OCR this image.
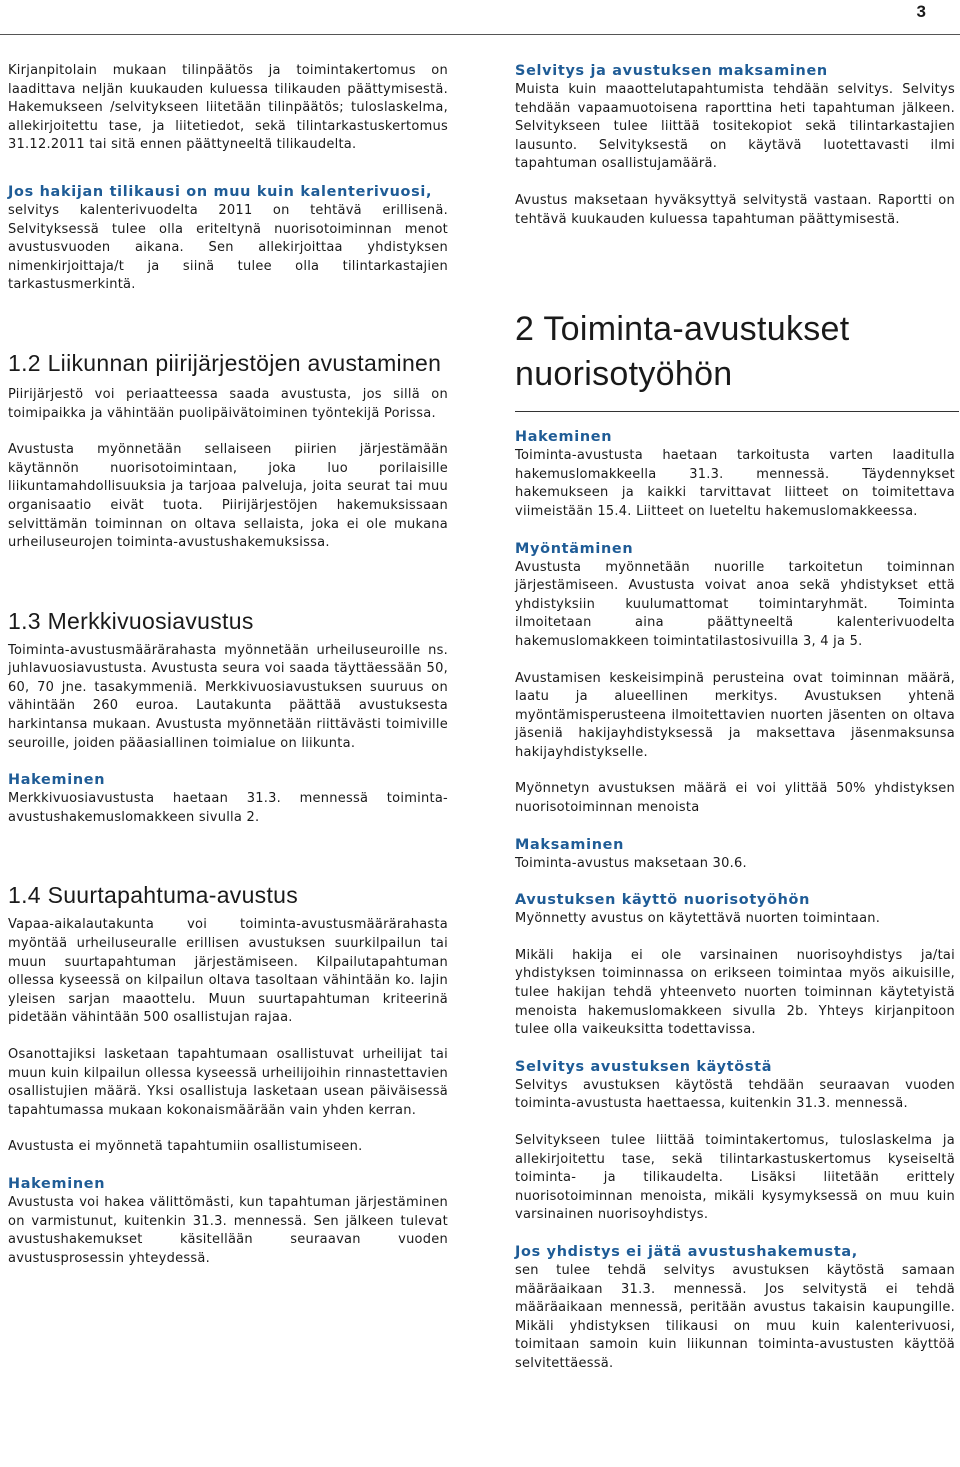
3

Kirjanpitolain mukaan tilinpäätös ja toimintakertomus on laadittava neljän kuukauden kuluessa tilikauden päättymisestä. Hakemukseen /selvitykseen liitetään tilinpäätös; tuloslaskelma, allekirjoitettu tase, ja liitetiedot, sekä tilintarkastuskertomus 31.12.2011 tai sitä ennen päättyneeltä tilikaudelta.

Jos hakijan tilikausi on muu kuin kalenterivuosi,

selvitys kalenterivuodelta 2011 on tehtävä erillisenä. Selvityksessä tulee olla eriteltynä nuorisotoiminnan menot avustusvuoden aikana. Sen allekirjoittaa yhdistyksen nimenkirjoittaja/t ja siinä tulee olla tilintarkastajien tarkastusmerkintä.

1.2 Liikunnan piirijärjestöjen avustaminen

Piirijärjestö voi periaatteessa saada avustusta, jos sillä on toimipaikka ja vähintään puolipäivätoiminen työntekijä Porissa.

Avustusta myönnetään sellaiseen piirien järjestämään käytännön nuorisotoimintaan, joka luo porilaisille liikuntamahdollisuuksia ja tarjoaa palveluja, joita seurat tai muu organisaatio eivät tuota. Piirijärjestöjen hakemuksissaan selvittämän toiminnan on oltava sellaista, joka ei ole mukana urheiluseurojen toiminta-avustushakemuksissa.

1.3 Merkkivuosiavustus

Toiminta-avustusmäärärahasta myönnetään urheiluseuroille ns. juhlavuosiavustusta. Avustusta seura voi saada täyttäessään 50, 60, 70 jne. tasakymmeniä. Merkkivuosiavustuksen suuruus on vähintään 260 euroa. Lautakunta päättää avustuksesta harkintansa mukaan. Avustusta myönnetään riittävästi toimiville seuroille, joiden pääasiallinen toimialue on liikunta.

Hakeminen

Merkkivuosiavustusta haetaan 31.3. mennessä toiminta-avustushakemuslomakkeen sivulla 2.

1.4 Suurtapahtuma-avustus

Vapaa-aikalautakunta voi toiminta-avustusmäärärahasta myöntää urheiluseuralle erillisen avustuksen suurkilpailun tai muun suurtapahtuman järjestämiseen. Kilpailutapahtuman ollessa kyseessä on kilpailun oltava tasoltaan vähintään ko. lajin yleisen sarjan maaottelu. Muun suurtapahtuman kriteerinä pidetään vähintään 500 osallistujan rajaa.

Osanottajiksi lasketaan tapahtumaan osallistuvat urheilijat tai muun kuin kilpailun ollessa kyseessä urheilijoihin rinnastettavien osallistujien määrä. Yksi osallistuja lasketaan usean päiväisessä tapahtumassa mukaan kokonaismäärään vain yhden kerran.

Avustusta ei myönnetä tapahtumiin osallistumiseen.

Hakeminen

Avustusta voi hakea välittömästi, kun tapahtuman järjestäminen on varmistunut, kuitenkin 31.3. mennessä. Sen jälkeen tulevat avustushakemukset käsitellään seuraavan vuoden avustusprosessin yhteydessä.

Selvitys ja avustuksen maksaminen

Muista kuin maaottelutapahtumista tehdään selvitys. Selvitys tehdään vapaamuotoisena raporttina heti tapahtuman jälkeen. Selvitykseen tulee liittää tositekopiot sekä tilintarkastajien lausunto. Selvityksestä on käytävä luotettavasti ilmi tapahtuman osallistujamäärä.

Avustus maksetaan hyväksyttyä selvitystä vastaan. Raportti on tehtävä kuukauden kuluessa tapahtuman päättymisestä.

2 Toiminta-avustukset nuorisotyöhön
Hakeminen

Toiminta-avustusta haetaan tarkoitusta varten laaditulla hakemuslomakkeella 31.3. mennessä. Täydennykset hakemukseen ja kaikki tarvittavat liitteet on toimitettava viimeistään 15.4. Liitteet on lueteltu hakemuslomakkeessa.

Myöntäminen

Avustusta myönnetään nuorille tarkoitetun toiminnan järjestämiseen. Avustusta voivat anoa sekä yhdistykset että yhdistyksiin kuulumattomat toimintaryhmät. Toiminta ilmoitetaan aina päättyneeltä kalenterivuodelta hakemuslomakkeen toimintatilastosivuilla 3, 4 ja 5.

Avustamisen keskeisimpinä perusteina ovat toiminnan määrä, laatu ja alueellinen merkitys. Avustuksen yhtenä myöntämisperusteena ilmoitettavien nuorten jäsenten on oltava jäseniä hakijayhdistyksessä ja maksettava jäsenmaksunsa hakijayhdistykselle.

Myönnetyn avustuksen määrä ei voi ylittää 50% yhdistyksen nuorisotoiminnan menoista

Maksaminen

Toiminta-avustus maksetaan 30.6.

Avustuksen käyttö nuorisotyöhön

Myönnetty avustus on käytettävä nuorten toimintaan.

Mikäli hakija ei ole varsinainen nuorisoyhdistys ja/tai yhdistyksen toiminnassa on erikseen toimintaa myös aikuisille, tulee hakijan tehdä yhteenveto nuorten toiminnan käytetyistä menoista hakemuslomakkeen sivulla 2b. Yhteys kirjanpitoon tulee olla vaikeuksitta todettavissa.

Selvitys avustuksen käytöstä

Selvitys avustuksen käytöstä tehdään seuraavan vuoden toiminta-avustusta haettaessa, kuitenkin 31.3. mennessä.

Selvitykseen tulee liittää toimintakertomus, tuloslaskelma ja allekirjoitettu tase, sekä tilintarkastuskertomus kyseiseltä toiminta- ja tilikaudelta. Lisäksi liitetään erittely nuorisotoiminnan menoista, mikäli kysymyksessä on muu kuin varsinainen nuorisoyhdistys.

Jos yhdistys ei jätä avustushakemusta,

sen tulee tehdä selvitys avustuksen käytöstä samaan määräaikaan 31.3. mennessä. Jos selvitystä ei tehdä määräaikaan mennessä, peritään avustus takaisin kaupungille. Mikäli yhdistyksen tilikausi on muu kuin kalenterivuosi, toimitaan samoin kuin liikunnan toiminta-avustusten käyttöä selvitettäessä.
